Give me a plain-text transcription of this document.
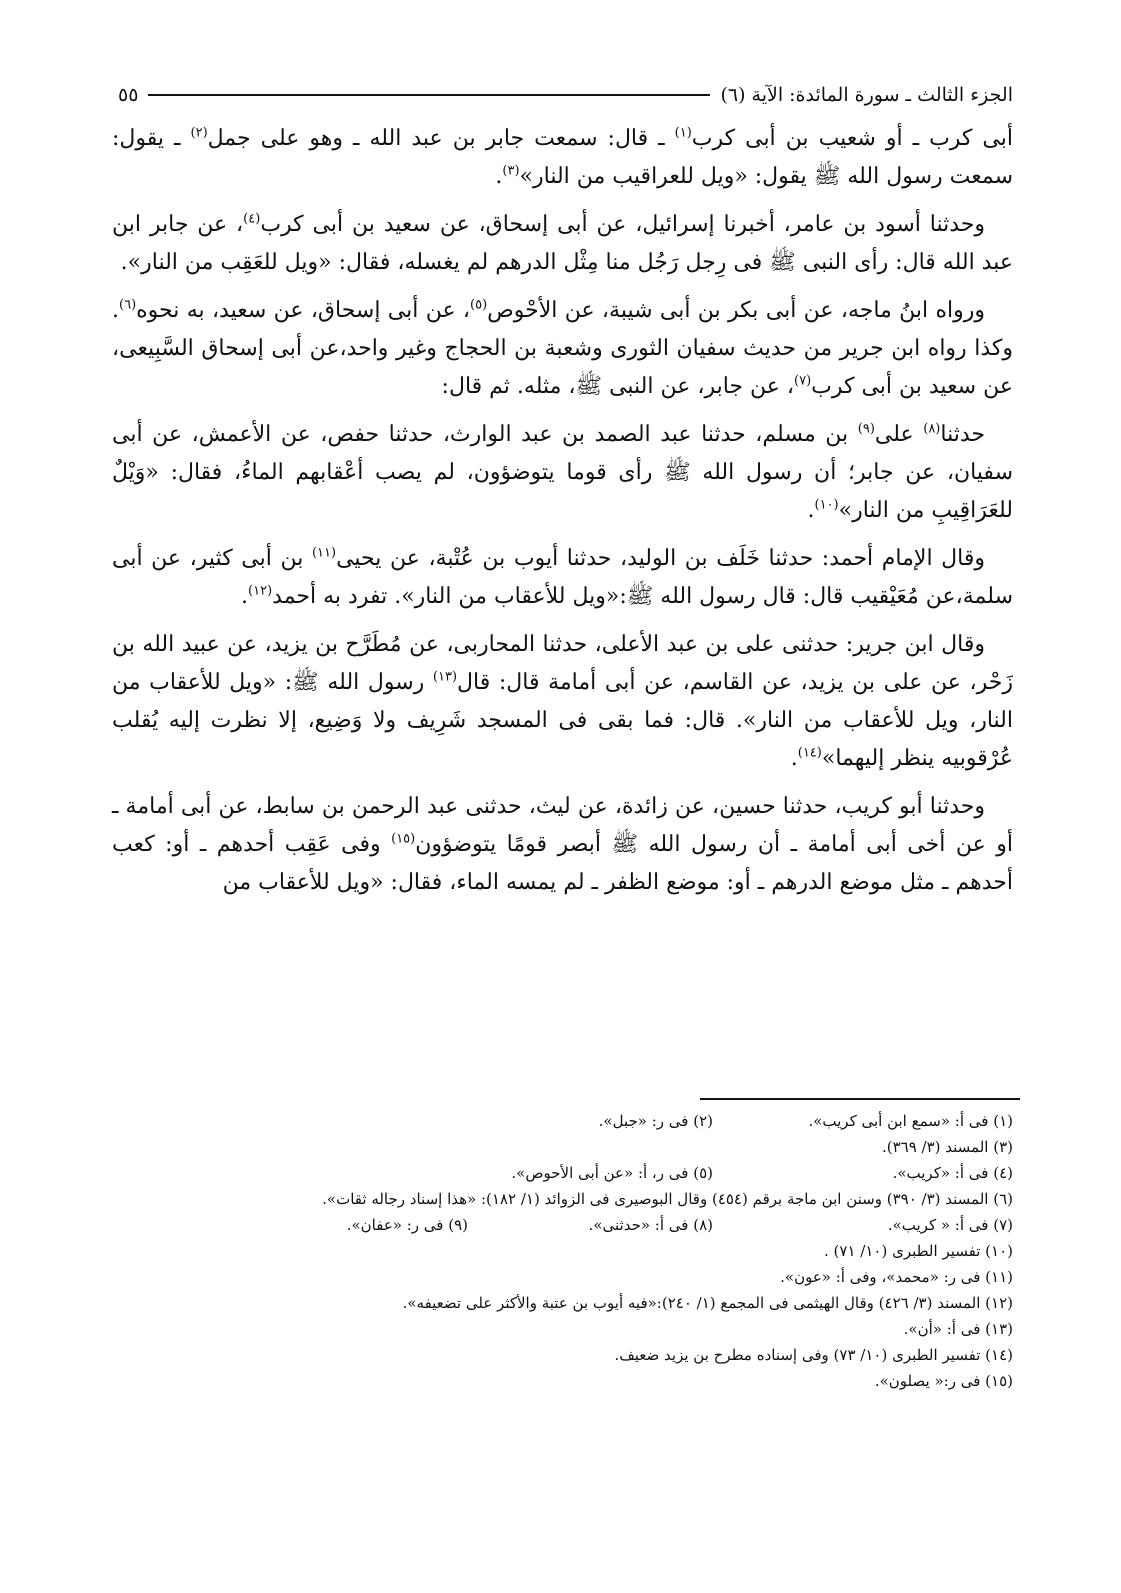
الجزء الثالث ـ سورة المائدة: الآية (٦)
٥٥

أبى كرب ـ أو شعيب بن أبى كرب$^{(١)}$ ـ قال: سمعت جابر بن عبد الله ـ وهو على جمل$^{(٢)}$ ـ يقول: سمعت رسول الله ﷺ يقول: «ويل للعراقيب من النار»$^{(٣)}$.

وحدثنا أسود بن عامر، أخبرنا إسرائيل، عن أبى إسحاق، عن سعيد بن أبى كرب$^{(٤)}$، عن جابر ابن عبد الله قال: رأى النبى ﷺ فى رِجل رَجُل منا مِثْل الدرهم لم يغسله، فقال: «ويل للعَقِب من النار».

ورواه ابنُ ماجه، عن أبى بكر بن أبى شيبة، عن الأحْوص$^{(٥)}$، عن أبى إسحاق، عن سعيد، به نحوه$^{(٦)}$. وكذا رواه ابن جرير من حديث سفيان الثورى وشعبة بن الحجاج وغير واحد،عن أبى إسحاق السَّبِيعى، عن سعيد بن أبى كرب$^{(٧)}$، عن جابر، عن النبى ﷺ، مثله. ثم قال:

حدثنا$^{(٨)}$ على$^{(٩)}$ بن مسلم، حدثنا عبد الصمد بن عبد الوارث، حدثنا حفص، عن الأعمش، عن أبى سفيان، عن جابر؛ أن رسول الله ﷺ رأى قوما يتوضؤون، لم يصب أعْقابهم الماءُ، فقال: «وَيْلٌ للعَرَاقِيبِ من النار»$^{(١٠)}$.

وقال الإمام أحمد: حدثنا خَلَف بن الوليد، حدثنا أيوب بن عُتْبة، عن يحيى$^{(١١)}$ بن أبى كثير، عن أبى سلمة،عن مُعَيْقيب قال: قال رسول الله ﷺ:«ويل للأعقاب من النار». تفرد به أحمد$^{(١٢)}$.

وقال ابن جرير: حدثنى على بن عبد الأعلى، حدثنا المحاربى، عن مُطَرَّح بن يزيد، عن عبيد الله بن زَحْر، عن على بن يزيد، عن القاسم، عن أبى أمامة قال: قال$^{(١٣)}$ رسول الله ﷺ: «ويل للأعقاب من النار، ويل للأعقاب من النار». قال: فما بقى فى المسجد شَرِيف ولا وَضِيع، إلا نظرت إليه يُقلب عُرْقوبيه ينظر إليهما»$^{(١٤)}$.

وحدثنا أبو كريب، حدثنا حسين، عن زائدة، عن ليث، حدثنى عبد الرحمن بن سابط، عن أبى أمامة ـ أو عن أخى أبى أمامة ـ أن رسول الله ﷺ أبصر قومًا يتوضؤون$^{(١٥)}$ وفى عَقِب أحدهم ـ أو: كعب أحدهم ـ مثل موضع الدرهم ـ أو: موضع الظفر ـ لم يمسه الماء، فقال: «ويل للأعقاب من

(١) فى أ: «سمع ابن أبى كريب».
(٢) فى ر: «جبل».
(٣) المسند (٣/ ٣٦٩).
(٤) فى أ: «كريب».
(٥) فى ر، أ: «عن أبى الأحوص».
(٦) المسند (٣/ ٣٩٠) وسنن ابن ماجة برقم (٤٥٤) وقال البوصيرى فى الزوائد (١/ ١٨٢): «هذا إسناد رجاله ثقات».
(٧) فى أ: « كريب».
(٨) فى أ: «حدثنى».
(٩) فى ر: «عفان».
(١٠) تفسير الطبرى (١٠/ ٧١) .
(١١) فى ر: «محمد»، وفى أ: «عون».
(١٢) المسند (٣/ ٤٢٦) وقال الهيثمى فى المجمع (١/ ٢٤٠):«فيه أيوب بن عتبة والأكثر على تضعيفه».
(١٣) فى أ: «أن».
(١٤) تفسير الطبرى (١٠/ ٧٣) وفى إسناده مطرح بن يزيد ضعيف.
(١٥) فى ر:« يصلون».
